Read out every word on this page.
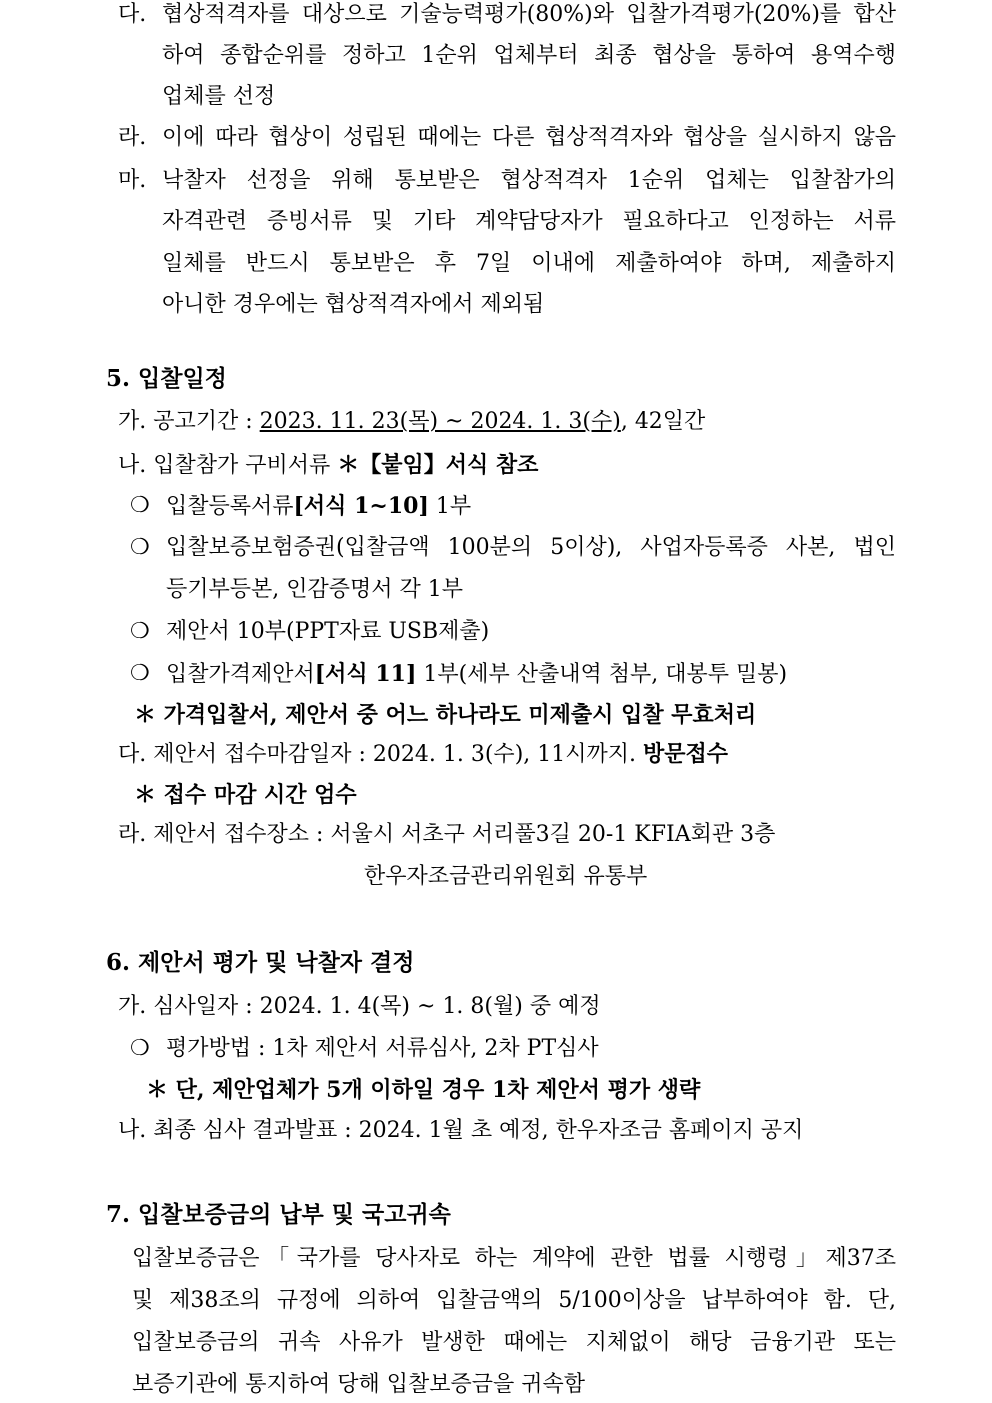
다. 협상적격자를 대상으로 기술능력평가(80%)와 입찰가격평가(20%)를 합산
하여 종합순위를 정하고 1순위 업체부터 최종 협상을 통하여 용역수행
업체를 선정
라. 이에 따라 협상이 성립된 때에는 다른 협상적격자와 협상을 실시하지 않음
마. 낙찰자 선정을 위해 통보받은 협상적격자 1순위 업체는 입찰참가의
자격관련 증빙서류 및 기타 계약담당자가 필요하다고 인정하는 서류
일체를 반드시 통보받은 후 7일 이내에 제출하여야 하며, 제출하지
아니한 경우에는 협상적격자에서 제외됨
5. 입찰일정
가. 공고기간 : 2023. 11. 23(목) ~ 2024. 1. 3(수), 42일간
나. 입찰참가 구비서류 ＊【붙임】서식 참조
❍ 입찰등록서류[서식 1~10] 1부
❍ 입찰보증보험증권(입찰금액 100분의 5이상), 사업자등록증 사본, 법인
등기부등본, 인감증명서 각 1부
❍ 제안서 10부(PPT자료 USB제출)
❍ 입찰가격제안서[서식 11] 1부(세부 산출내역 첨부, 대봉투 밀봉)
＊ 가격입찰서, 제안서 중 어느 하나라도 미제출시 입찰 무효처리
다. 제안서 접수마감일자 : 2024. 1. 3(수), 11시까지. 방문접수
＊ 접수 마감 시간 엄수
라. 제안서 접수장소 : 서울시 서초구 서리풀3길 20-1 KFIA회관 3층
한우자조금관리위원회 유통부
6. 제안서 평가 및 낙찰자 결정
가. 심사일자 : 2024. 1. 4(목) ~ 1. 8(월) 중 예정
❍ 평가방법 : 1차 제안서 서류심사, 2차 PT심사
＊ 단, 제안업체가 5개 이하일 경우 1차 제안서 평가 생략
나. 최종 심사 결과발표 : 2024. 1월 초 예정, 한우자조금 홈페이지 공지
7. 입찰보증금의 납부 및 국고귀속
입찰보증금은「국가를 당사자로 하는 계약에 관한 법률 시행령」제37조
및 제38조의 규정에 의하여 입찰금액의 5/100이상을 납부하여야 함. 단,
입찰보증금의 귀속 사유가 발생한 때에는 지체없이 해당 금융기관 또는
보증기관에 통지하여 당해 입찰보증금을 귀속함
